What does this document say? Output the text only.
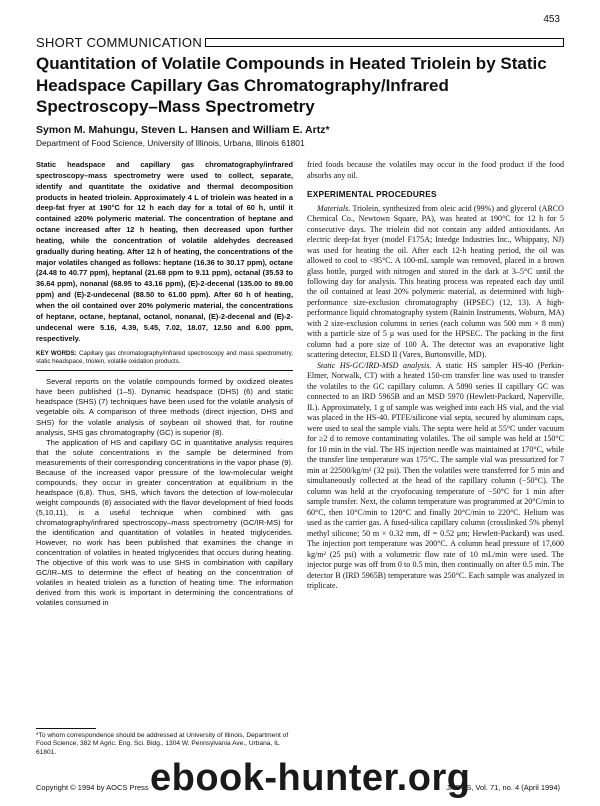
453
SHORT COMMUNICATION
Quantitation of Volatile Compounds in Heated Triolein by Static Headspace Capillary Gas Chromatography/Infrared Spectroscopy–Mass Spectrometry
Symon M. Mahungu, Steven L. Hansen and William E. Artz*
Department of Food Science, University of Illinois, Urbana, Illinois 61801

Static headspace and capillary gas chromatography/infrared spectroscopy–mass spectrometry were used to collect, separate, identify and quantitate the oxidative and thermal decomposition products in heated triolein. Approximately 4 L of triolein was heated in a deep-fat fryer at 190°C for 12 h each day for a total of 60 h, until it contained ≥20% polymeric material. The concentration of heptane and octane increased after 12 h heating, then decreased upon further heating, while the concentration of volatile aldehydes decreased gradually during heating. After 12 h of heating, the concentrations of the major volatiles changed as follows: heptane (16.36 to 30.17 ppm), octane (24.48 to 40.77 ppm), heptanal (21.68 ppm to 9.11 ppm), octanal (35.53 to 36.64 ppm), nonanal (68.95 to 43.16 ppm), (E)-2-decenal (135.00 to 89.00 ppm) and (E)-2-undecenal (88.50 to 61.00 ppm). After 60 h of heating, when the oil contained over 20% polymeric material, the concentrations of heptane, octane, heptanal, octanol, nonanal, (E)-2-decenal and (E)-2-undecenal were 5.16, 4.39, 5.45, 7.02, 18.07, 12.50 and 6.00 ppm, respectively.

KEY WORDS: Capillary gas chromatography/infrared spectroscopy and mass spectrometry, static headspace, triolein, volatile oxidation products.

Several reports on the volatile compounds formed by oxidized oleates have been published (1–5). Dynamic headspace (DHS) (6) and static headspace (SHS) (7) techniques have been used for the volatile analysis of vegetable oils. A comparison of three methods (direct injection, DHS and SHS) for the volatile analysis of soybean oil showed that, for routine analysis, SHS gas chromatography (GC) is superior (8).

The application of HS and capillary GC in quantitative analysis requires that the solute concentrations in the sample be determined from measurements of their corresponding concentrations in the vapor phase (9). Because of the increased vapor pressure of the low-molecular weight compounds, they occur in greater concentration at equilibrium in the headspace (6,8). Thus, SHS, which favors the detection of low-molecular weight compounds (8) associated with the flavor development of fried foods (5,10,11), is a useful technique when combined with gas chromatography/infrared spectroscopy–mass spectrometry (GC/IR-MS) for the identification and quantitation of volatiles in heated triglycerides. However, no work has been published that examines the change in concentration of volatiles in heated triglycerides that occurs during heating. The objective of this work was to use SHS in combination with capillary GC/IR–MS to determine the effect of heating on the concentration of volatiles in heated triolein as a function of heating time. The information derived from this work is important in determining the concentrations of volatiles consumed in

*To whom correspondence should be addressed at University of Illinois, Department of Food Science, 382 M Agric. Eng. Sci. Bldg., 1304 W. Pennsylvania Ave., Urbana, IL 61801.

fried foods because the volatiles may occur in the food product if the food absorbs any oil.

EXPERIMENTAL PROCEDURES

Materials. Triolein, synthesized from oleic acid (99%) and glycerol (ARCO Chemical Co., Newtown Square, PA), was heated at 190°C for 12 h for 5 consecutive days. The triolein did not contain any added antioxidants. An electric deep-fat fryer (model F175A; Intedge Industries Inc., Whippany, NJ) was used for heating the oil. After each 12-h heating period, the oil was allowed to cool to <95°C. A 100-mL sample was removed, placed in a brown glass bottle, purged with nitrogen and stored in the dark at 3–5°C until the following day for analysis. This heating process was repeated each day until the oil contained at least 20% polymeric material, as determined with high-performance size-exclusion chromatography (HPSEC) (12, 13). A high-performance liquid chromatography system (Rainin Instruments, Woburn, MA) with 2 size-exclusion columns in series (each column was 500 mm × 8 mm) with a particle size of 5 μ was used for the HPSEC. The packing in the first column had a pore size of 100 Å. The detector was an evaporative light scattering detector, ELSD II (Varex, Burtonsville, MD).

Static HS-GC/IRD-MSD analysis. A static HS sampler HS-40 (Perkin-Elmer, Norwalk, CT) with a heated 150-cm transfer line was used to transfer the volatiles to the GC capillary column. A 5890 series II capillary GC was connected to an IRD 5965B and an MSD 5970 (Hewlett-Packard, Naperville, IL). Approximately, 1 g of sample was weighed into each HS vial, and the vial was placed in the HS-40. PTFE/silicone vial septa, secured by aluminum caps, were used to seal the sample vials. The septa were held at 55°C under vacuum for ≥2 d to remove contaminating volatiles. The oil sample was held at 150°C for 10 min in the vial. The HS injection needle was maintained at 170°C, while the transfer line temperature was 175°C. The sample vial was pressurized for 7 min at 22500/kg/m² (32 psi). Then the volatiles were transferred for 5 min and simultaneously collected at the head of the capillary column (−50°C). The column was held at the cryofocusing temperature of −50°C for 1 min after sample transfer. Next, the column temperature was programmed at 20°C/min to 60°C, then 10°C/min to 120°C and finally 20°C/min to 220°C. Helium was used as the carrier gas. A fused-silica capillary column (crosslinked 5% phenyl methyl silicone; 50 m × 0.32 mm, df = 0.52 μm; Hewlett-Packard) was used. The injection port temperature was 200°C. A column head pressure of 17,600 kg/m² (25 psi) with a volumetric flow rate of 10 mL/min were used. The injector purge was off from 0 to 0.5 min, then continually on after 0.5 min. The detector B (IRD 5965B) temperature was 250°C. Each sample was analyzed in triplicate.

Copyright © 1994 by AOCS Press	JAOCS, Vol. 71, no. 4 (April 1994)
ebook-hunter.org
